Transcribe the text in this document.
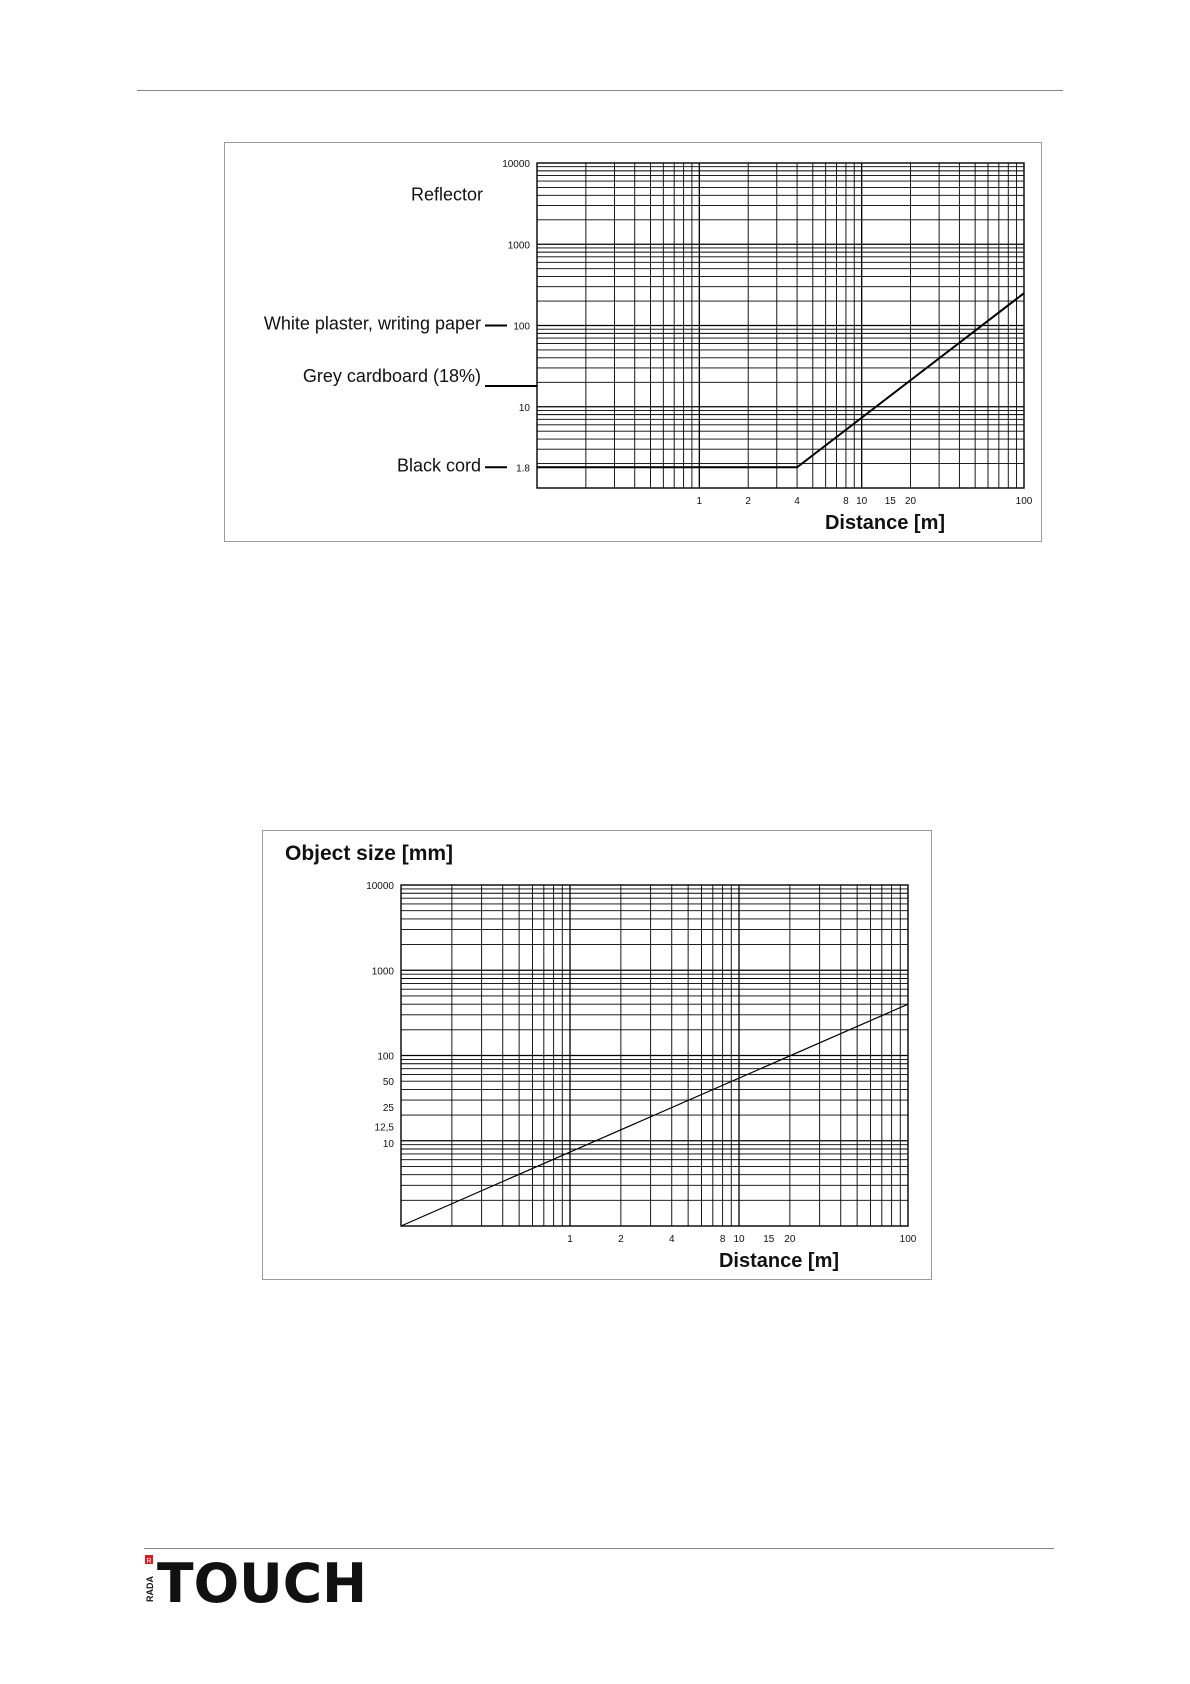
1	2	4	8 10 15 20	100
10000
1000
100
10
1.8
Distance [m]
Reflector
White plaster, writing paper
Grey cardboard (18%)
Black cord
1	2	4	8 10 15 20	100
10000
1000
100
50
25
12,5
10
Distance [m]
Object size [mm]
R
RADA TOUCH
